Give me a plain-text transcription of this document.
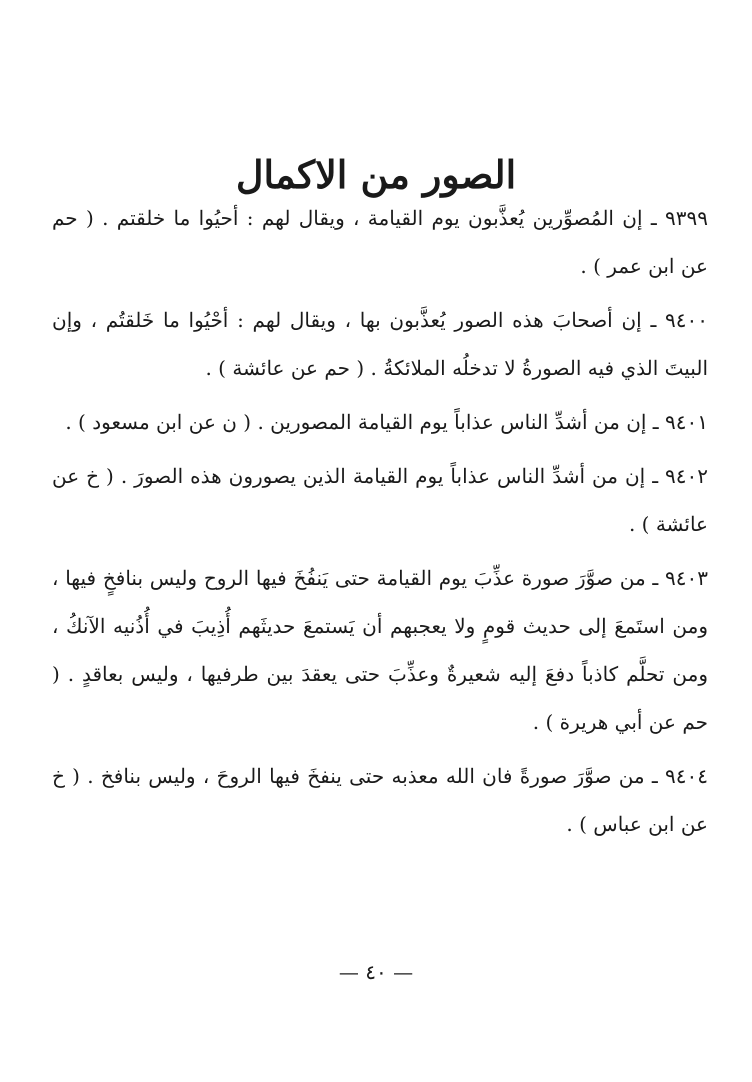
الصور من الاكمال

٩٣٩٩ ـ إن المُصوِّرين يُعذَّبون يوم القيامة ، ويقال لهم : أحيُوا ما خلقتم . ( حم عن ابن عمر ) .

٩٤٠٠ ـ إن أصحابَ هذه الصور يُعذَّبون بها ، ويقال لهم : أحْيُوا ما خَلقتُم ، وإن البيتَ الذي فيه الصورةُ لا تدخلُه الملائكةُ . ( حم عن عائشة ) .

٩٤٠١ ـ إن من أشدِّ الناس عذاباً يوم القيامة المصورين . ( ن عن ابن مسعود ) .

٩٤٠٢ ـ إن من أشدِّ الناس عذاباً يوم القيامة الذين يصورون هذه الصورَ . ( خ عن عائشة ) .

٩٤٠٣ ـ من صوَّرَ صورة عذِّبَ يوم القيامة حتى يَنفُخَ فيها الروح وليس بنافخٍ فيها ، ومن استَمعَ إلى حديث قومٍ ولا يعجبهم أن يَستمعَ حديثَهم أُذِيبَ في أُذُنيه الآنكُ ، ومن تحلَّم كاذباً دفعَ إليه شعيرةٌ وعذِّبَ حتى يعقدَ بين طرفيها ، وليس بعاقدٍ . ( حم عن أبي هريرة ) .

٩٤٠٤ ـ من صوَّرَ صورةً فان الله معذبه حتى ينفخَ فيها الروحَ ، وليس بنافخ . ( خ عن ابن عباس ) .

— ٤٠ —
